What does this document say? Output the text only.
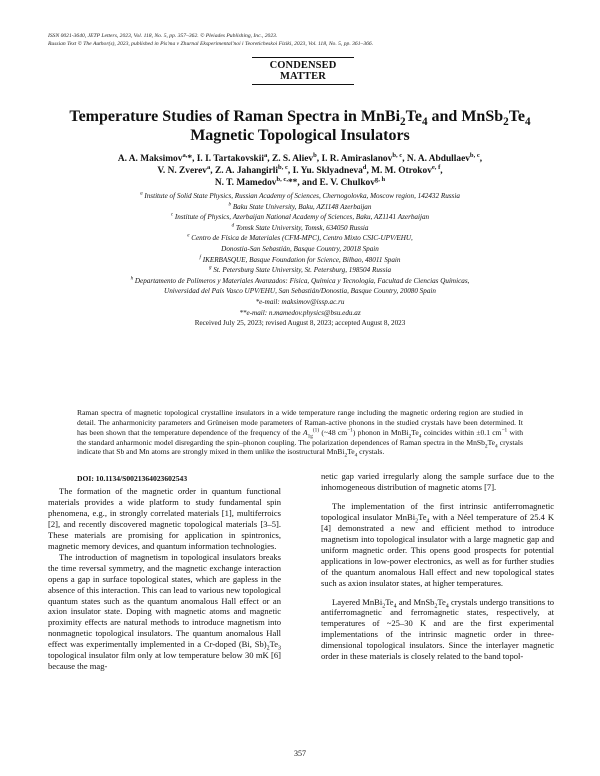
ISSN 0021-3640, JETP Letters, 2023, Vol. 118, No. 5, pp. 357–362. © Pleiades Publishing, Inc., 2023.
Russian Text © The Author(s), 2023, published in Pis'ma v Zhurnal Eksperimental'noi i Teoreticheskoi Fiziki, 2023, Vol. 118, No. 5, pp. 361–366.
CONDENSED
MATTER
Temperature Studies of Raman Spectra in $MnBi_2Te_4$ and $MnSb_2Te_4$
Magnetic Topological Insulators
A. A. Maksimov$^{a,}$*, I. I. Tartakovskii$^a$, Z. S. Aliev$^b$, I. R. Amiraslanov$^{b, c}$, N. A. Abdullaev$^{b, c}$,
V. N. Zverev$^a$, Z. A. Jahangirli$^{b, c}$, I. Yu. Sklyadneva$^d$, M. M. Otrokov$^{e, f}$,
N. T. Mamedov$^{b, c,}$**, and E. V. Chulkov$^{g, h}$
$^a$ Institute of Solid State Physics, Russian Academy of Sciences, Chernogolovka, Moscow region, 142432 Russia
$^b$ Baku State University, Baku, AZ1148 Azerbaijan
$^c$ Institute of Physics, Azerbaijan National Academy of Sciences, Baku, AZ1141 Azerbaijan
$^d$ Tomsk State University, Tomsk, 634050 Russia
$^e$ Centro de Física de Materiales (CFM-MPC), Centro Mixto CSIC-UPV/EHU,
Donostia-San Sebastián, Basque Country, 20018 Spain
$^f$ IKERBASQUE, Basque Foundation for Science, Bilbao, 48011 Spain
$^g$ St. Petersburg State University, St. Petersburg, 198504 Russia
$^h$ Departamento de Polímeros y Materiales Avanzados: Física, Química y Tecnología, Facultad de Ciencias Químicas,
Universidad del País Vasco UPV/EHU, San Sebastián/Donostia, Basque Country, 20080 Spain
*e-mail: maksimov@issp.ac.ru
**e-mail: n.mamedov.physics@bsu.edu.az
Received July 25, 2023; revised August 8, 2023; accepted August 8, 2023
Raman spectra of magnetic topological crystalline insulators in a wide temperature range including the magnetic ordering region are studied in detail. The anharmonicity parameters and Grüneisen mode parameters of Raman-active phonons in the studied crystals have been determined. It has been shown that the temperature dependence of the frequency of the $A_{1g}^{(1)}$ (~48 $cm^{-1}$) phonon in $MnBi_2Te_4$ coincides within ±0.1 $cm^{-1}$ with the standard anharmonic model disregarding the spin–phonon coupling. The polarization dependences of Raman spectra in the $MnSb_2Te_4$ crystals indicate that Sb and Mn atoms are strongly mixed in them unlike the isostructural $MnBi_2Te_4$ crystals.
DOI: 10.1134/S0021364023602543

The formation of the magnetic order in quantum functional materials provides a wide platform to study fundamental spin phenomena, e.g., in strongly correlated materials [1], multiferroics [2], and recently discovered magnetic topological materials [3–5]. These materials are promising for application in spintronics, magnetic memory devices, and quantum information technologies.

The introduction of magnetism in topological insulators breaks the time reversal symmetry, and the magnetic exchange interaction opens a gap in surface topological states, which are gapless in the absence of this interaction. This can lead to various new topological quantum states such as the quantum anomalous Hall effect or an axion insulator state. Doping with magnetic atoms and magnetic proximity effects are natural methods to introduce magnetism into nonmagnetic topological insulators. The quantum anomalous Hall effect was experimentally implemented in a Cr-doped (Bi, $Sb)_2Te_3$ topological insulator film only at low temperature below 30 mK [6] because the mag-

netic gap varied irregularly along the sample surface due to the inhomogeneous distribution of magnetic atoms [7].

The implementation of the first intrinsic antiferromagnetic topological insulator $MnBi_2Te_4$ with a Néel temperature of 25.4 K [4] demonstrated a new and efficient method to introduce magnetism into topological insulator with a large magnetic gap and uniform magnetic order. This opens good prospects for potential applications in low-power electronics, as well as for further studies of the quantum anomalous Hall effect and new topological states such as axion insulator states, at higher temperatures.

Layered $MnBi_2Te_4$ and $MnSb_2Te_4$ crystals undergo transitions to antiferromagnetic and ferromagnetic states, respectively, at temperatures of ~25–30 K and are the first experimental implementations of the intrinsic magnetic order in three-dimensional topological insulators. Since the interlayer magnetic order in these materials is closely related to the band topol-

357
